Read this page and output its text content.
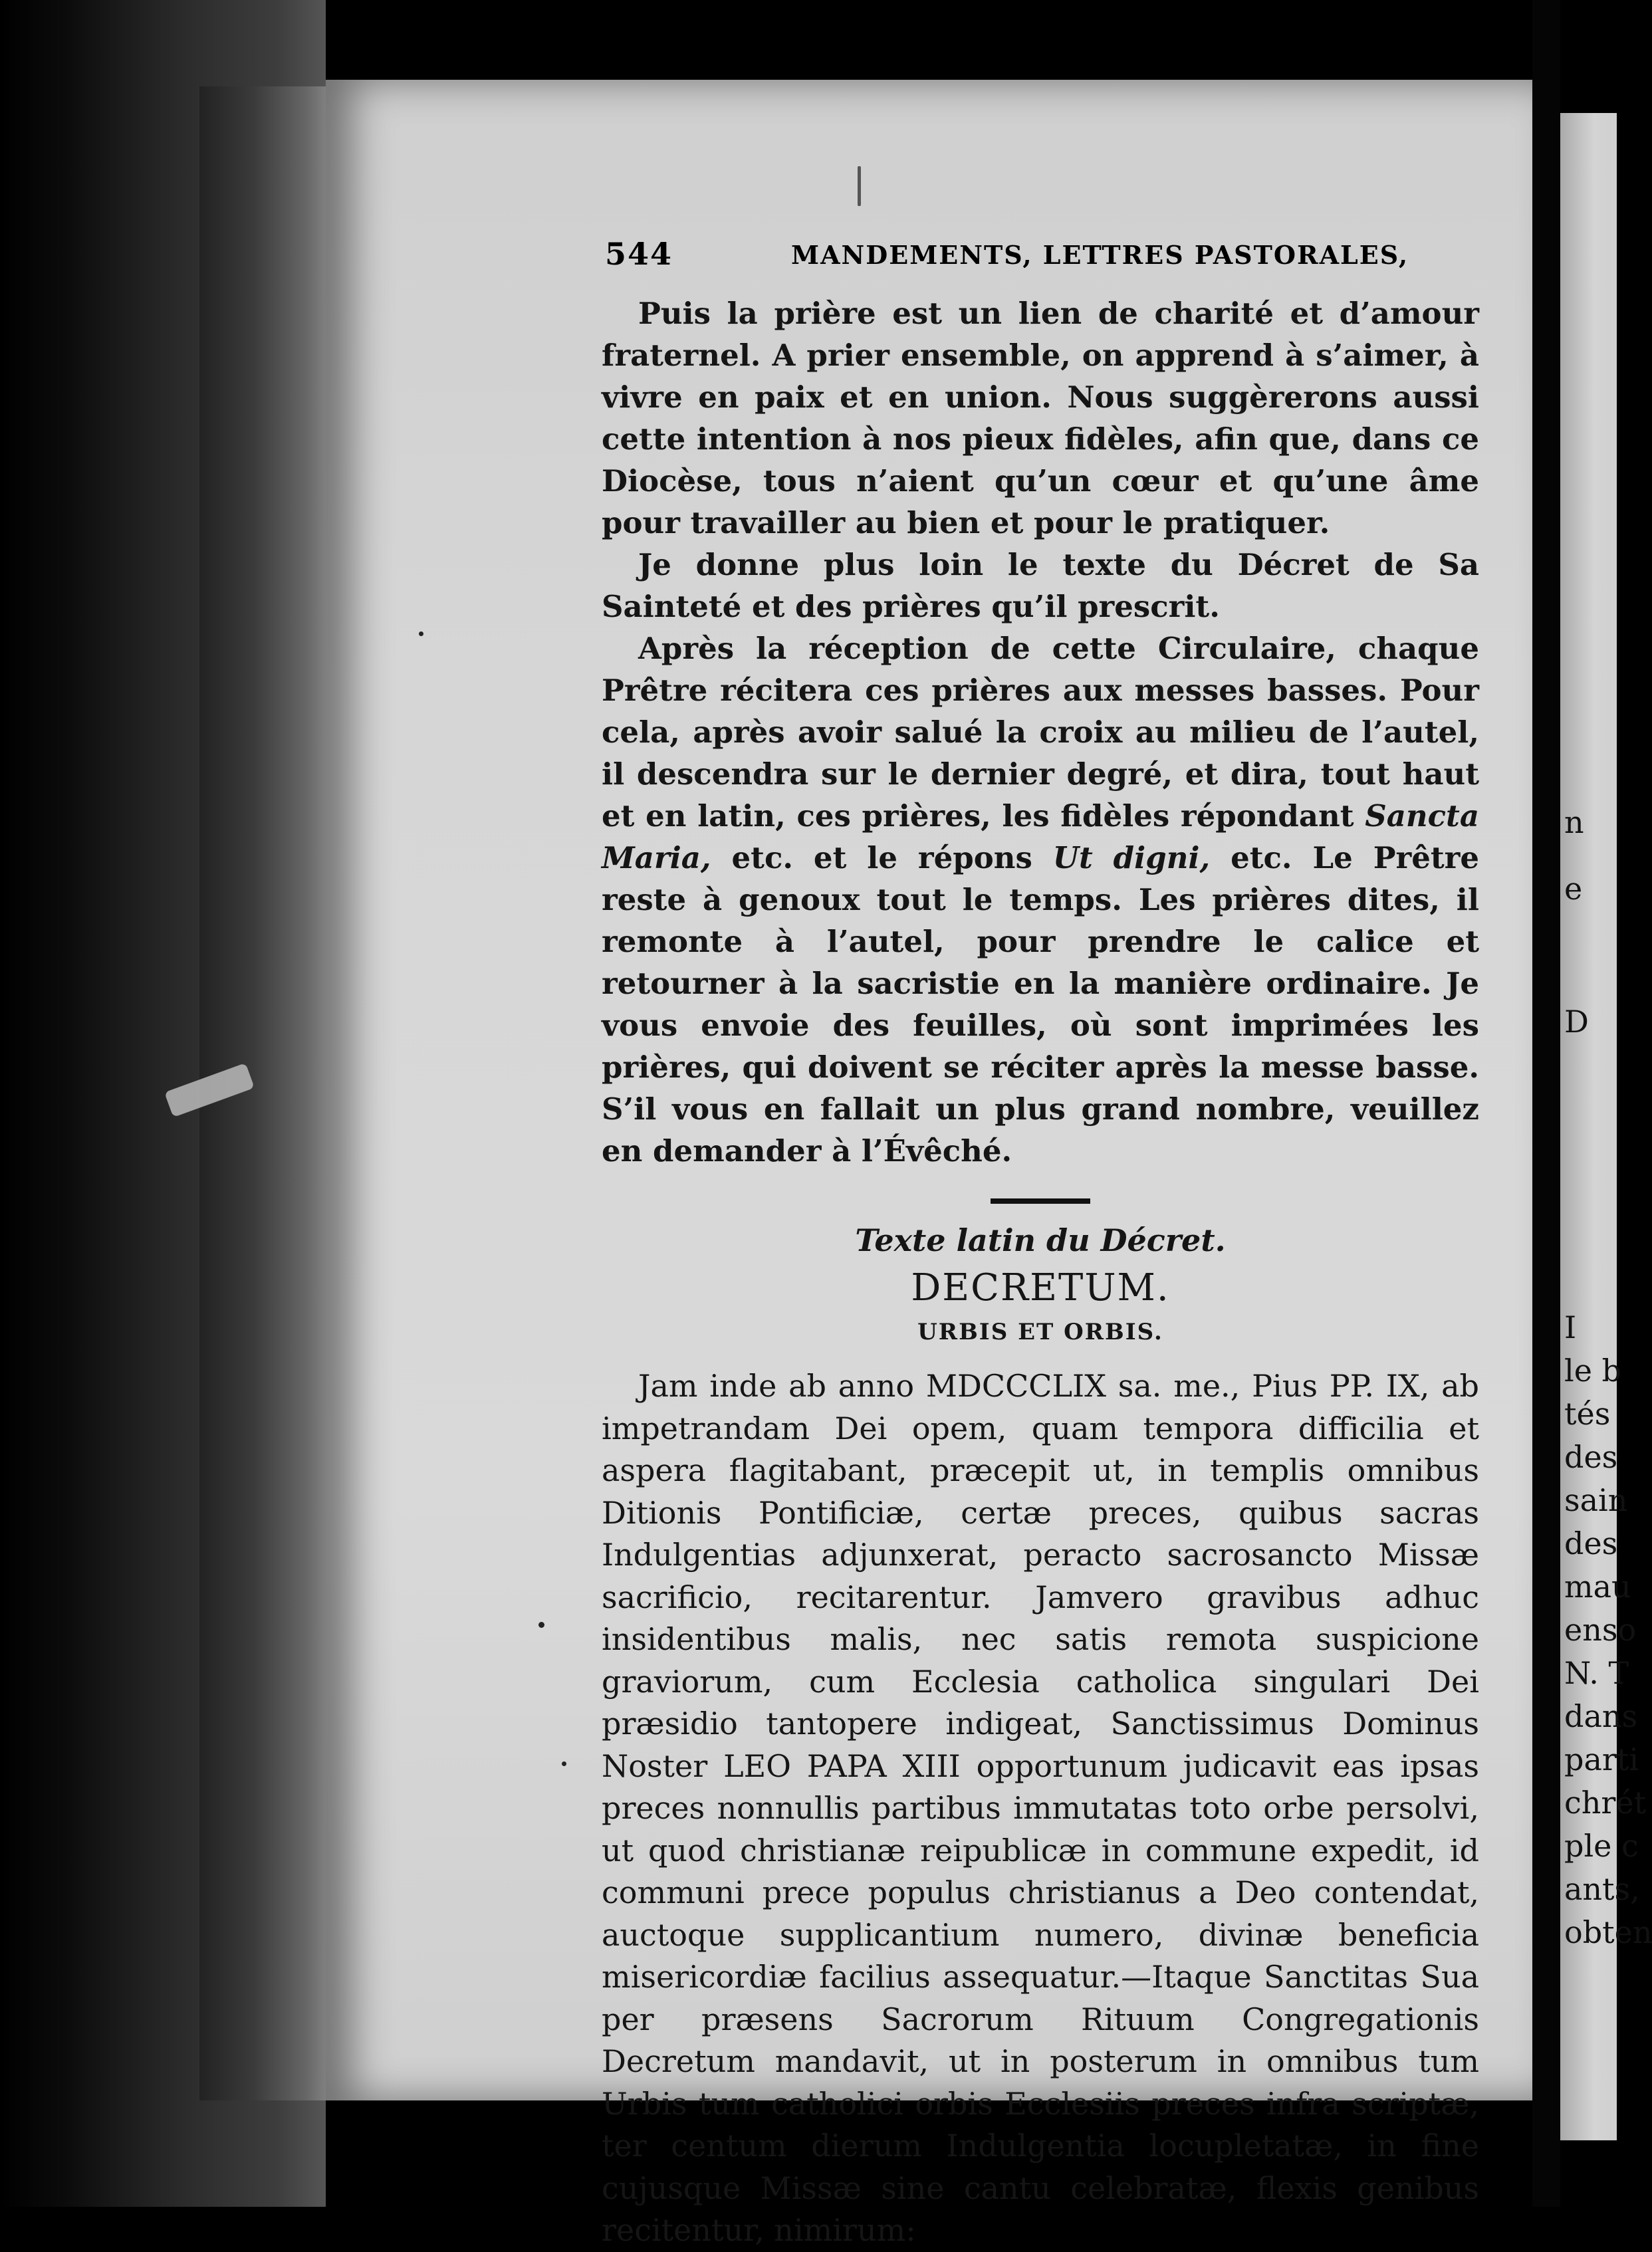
n
e
D
I
le b
tés
des
sain
des
mau
enso
N. T
dans
parti
chrét
ple c
ants,
obten
544	MANDEMENTS, LETTRES PASTORALES,

Puis la prière est un lien de charité et d’amour fraternel. A prier ensemble, on apprend à s’aimer, à vivre en paix et en union. Nous suggèrerons aussi cette intention à nos pieux fidèles, afin que, dans ce Diocèse, tous n’aient qu’un cœur et qu’une âme pour travailler au bien et pour le pratiquer.

Je donne plus loin le texte du Décret de Sa Sainteté et des prières qu’il prescrit.

Après la réception de cette Circulaire, chaque Prêtre récitera ces prières aux messes basses. Pour cela, après avoir salué la croix au milieu de l’autel, il descendra sur le dernier degré, et dira, tout haut et en latin, ces prières, les fidèles répondant Sancta Maria, etc. et le répons Ut digni, etc. Le Prêtre reste à genoux tout le temps. Les prières dites, il remonte à l’autel, pour prendre le calice et retourner à la sacristie en la manière ordinaire. Je vous envoie des feuilles, où sont imprimées les prières, qui doivent se réciter après la messe basse. S’il vous en fallait un plus grand nombre, veuillez en demander à l’Évêché.

Texte latin du Décret.

DECRETUM.

URBIS ET ORBIS.

Jam inde ab anno MDCCCLIX sa. me., Pius PP. IX, ab impetrandam Dei opem, quam tempora difficilia et aspera flagitabant, præcepit ut, in templis omnibus Ditionis Pontificiæ, certæ preces, quibus sacras Indulgentias adjunxerat, peracto sacrosancto Missæ sacrificio, recitarentur. Jamvero gravibus adhuc insidentibus malis, nec satis remota suspicione graviorum, cum Ecclesia catholica singulari Dei præsidio tantopere indigeat, Sanctissimus Dominus Noster LEO PAPA XIII opportunum judicavit eas ipsas preces nonnullis partibus immutatas toto orbe persolvi, ut quod christianæ reipublicæ in commune expedit, id communi prece populus christianus a Deo contendat, auctoque supplicantium numero, divinæ beneficia misericordiæ facilius assequatur.—Itaque Sanctitas Sua per præsens Sacrorum Rituum Congregationis Decretum mandavit, ut in posterum in omnibus tum Urbis tum catholici orbis Ecclesiis preces infra scriptæ, ter centum dierum Indulgentia locupletatæ, in fine cujusque Missæ sine cantu celebratæ, flexis genibus recitentur, nimirum:
